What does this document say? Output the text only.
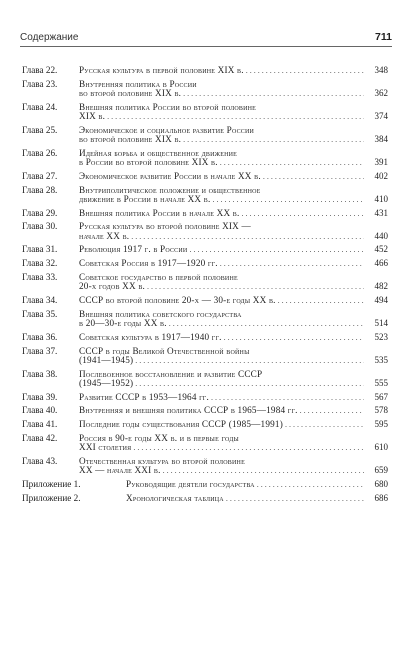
Содержание	711
Глава 22.	Русская культура в первой половине XIX в. . . .	348
Глава 23.	Внутренняя политика в России
во второй половине XIX в. . . .	362
Глава 24.	Внешняя политика России во второй половине
XIX в. . . .	374
Глава 25.	Экономическое и социальное развитие России
во второй половине XIX в. . . .	384
Глава 26.	Идейная борьба и общественное движение
в России во второй половине XIX в. . . .	391
Глава 27.	Экономическое развитие России в начале XX в. . . .	402
Глава 28.	Внутриполитическое положение и общественное
движение в России в начале XX в. . . .	410
Глава 29.	Внешняя политика России в начале XX в. . . .	431
Глава 30.	Русская культура во второй половине XIX —
начале XX в. . . .	440
Глава 31.	Революция 1917 г. в России . . .	452
Глава 32.	Советская Россия в 1917—1920 гг. . . .	466
Глава 33.	Советское государство в первой половине
20-х годов XX в. . . .	482
Глава 34.	СССР во второй половине 20-х — 30-е годы XX в. . . .	494
Глава 35.	Внешняя политика советского государства
в 20—30-е годы XX в. . . .	514
Глава 36.	Советская культура в 1917—1940 гг. . . .	523
Глава 37.	СССР в годы Великой Отечественной войны
(1941—1945) . . .	535
Глава 38.	Послевоенное восстановление и развитие СССР
(1945—1952) . . .	555
Глава 39.	Развитие СССР в 1953—1964 гг. . . .	567
Глава 40.	Внутренняя и внешняя политика СССР в 1965—1984 гг. . . .	578
Глава 41.	Последние годы существования СССР (1985—1991) . . .	595
Глава 42.	Россия в 90-е годы XX в. и в первые годы
XXI столетия . . .	610
Глава 43.	Отечественная культура во второй половине
XX — начале XXI в. . . .	659
Приложение 1.	Руководящие деятели государства . . .	680
Приложение 2.	Хронологическая таблица . . .	686
